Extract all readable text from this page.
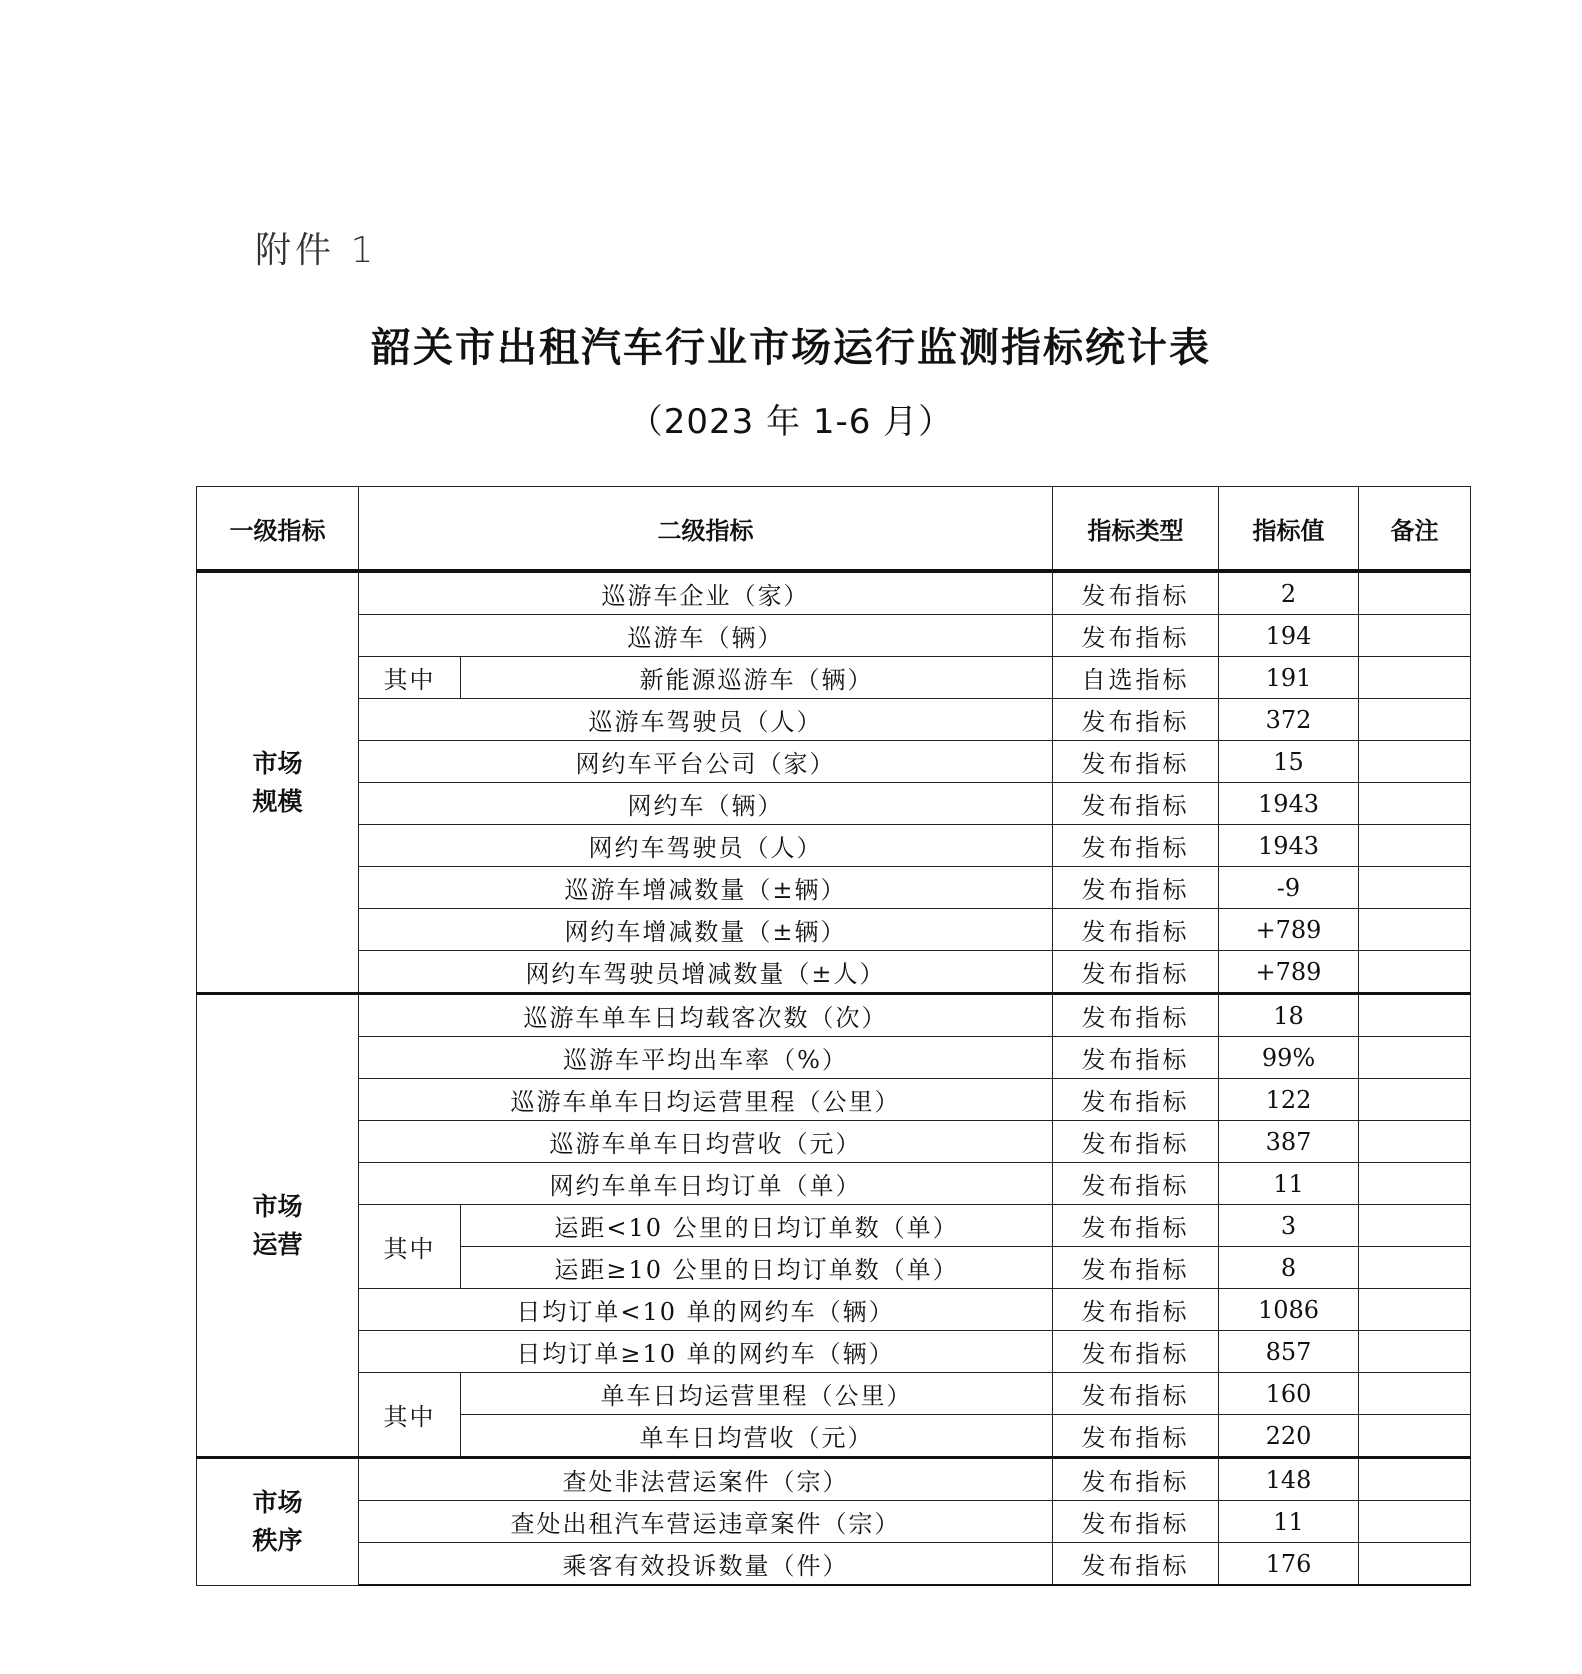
附件 1
韶关市出租汽车行业市场运行监测指标统计表
（2023 年 1-6 月）
一级指标	二级指标		指标类型	指标值	备注
市场
规模	巡游车企业（家）		发布指标	2	
	巡游车（辆）		发布指标	194	
	其中	新能源巡游车（辆）	自选指标	191	
	巡游车驾驶员（人）		发布指标	372	
	网约车平台公司（家）		发布指标	15	
	网约车（辆）		发布指标	1943	
	网约车驾驶员（人）		发布指标	1943	
	巡游车增减数量（±辆）		发布指标	-9	
	网约车增减数量（±辆）		发布指标	+789	
	网约车驾驶员增减数量（±人）		发布指标	+789	
市场
运营	巡游车单车日均载客次数（次）		发布指标	18	
	巡游车平均出车率（%）		发布指标	99%	
	巡游车单车日均运营里程（公里）		发布指标	122	
	巡游车单车日均营收（元）		发布指标	387	
	网约车单车日均订单（单）		发布指标	11	
	其中	运距<10 公里的日均订单数（单）	发布指标	3	
		运距≥10 公里的日均订单数（单）	发布指标	8	
	日均订单<10 单的网约车（辆）		发布指标	1086	
	日均订单≥10 单的网约车（辆）		发布指标	857	
	其中	单车日均运营里程（公里）	发布指标	160	
		单车日均营收（元）	发布指标	220	
市场
秩序	查处非法营运案件（宗）		发布指标	148	
	查处出租汽车营运违章案件（宗）		发布指标	11	
	乘客有效投诉数量（件）		发布指标	176	
